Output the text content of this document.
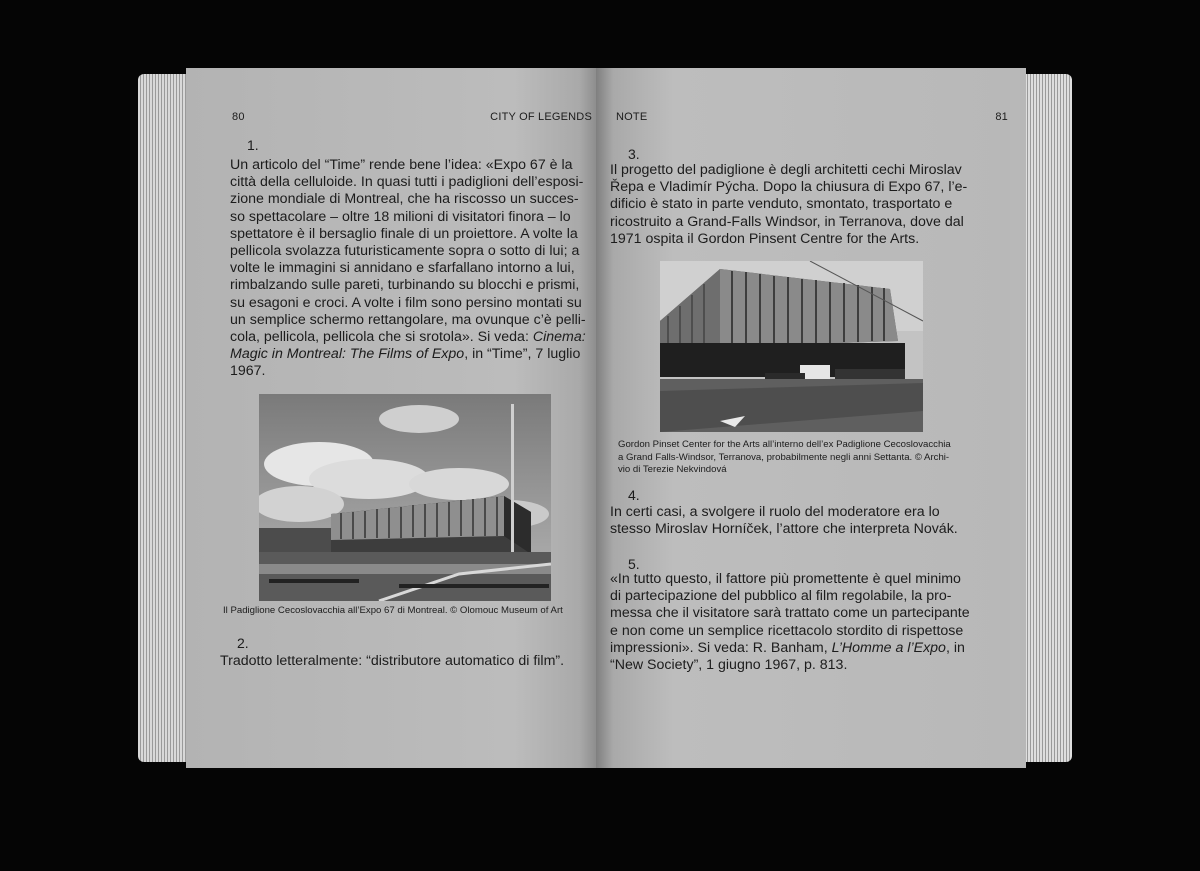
80	CITY OF LEGENDS
1.

Un articolo del “Time” rende bene l’idea: «Expo 67 è la

città della celluloide. In quasi tutti i padiglioni dell’esposi-

zione mondiale di Montreal, che ha riscosso un succes-

so spettacolare – oltre 18 milioni di visitatori finora – lo

spettatore è il bersaglio finale di un proiettore. A volte la

pellicola svolazza futuristicamente sopra o sotto di lui; a

volte le immagini si annidano e sfarfallano intorno a lui,

rimbalzando sulle pareti, turbinando su blocchi e prismi,

su esagoni e croci. A volte i film sono persino montati su

un semplice schermo rettangolare, ma ovunque c’è pelli-

cola, pellicola, pellicola che si srotola». Si veda: Cinema:

Magic in Montreal: The Films of Expo, in “Time”, 7 luglio

1967.

Il Padiglione Cecoslovacchia all’Expo 67 di Montreal. © Olomouc Museum of Art
2.

Tradotto letteralmente: “distributore automatico di film”.

NOTE	81
3.

Il progetto del padiglione è degli architetti cechi Miroslav

Řepa e Vladimír Pýcha. Dopo la chiusura di Expo 67, l’e-

dificio è stato in parte venduto, smontato, trasportato e

ricostruito a Grand-Falls Windsor, in Terranova, dove dal

1971 ospita il Gordon Pinsent Centre for the Arts.

Gordon Pinset Center for the Arts all’interno dell’ex Padiglione Cecoslovacchia

a Grand Falls-Windsor, Terranova, probabilmente negli anni Settanta. © Archi-

vio di Terezie Nekvindová

4.

In certi casi, a svolgere il ruolo del moderatore era lo

stesso Miroslav Horníček, l’attore che interpreta Novák.

5.

«In tutto questo, il fattore più promettente è quel minimo

di partecipazione del pubblico al film regolabile, la pro-

messa che il visitatore sarà trattato come un partecipante

e non come un semplice ricettacolo stordito di rispettose

impressioni». Si veda: R. Banham, L’Homme a l’Expo, in

“New Society”, 1 giugno 1967, p. 813.
